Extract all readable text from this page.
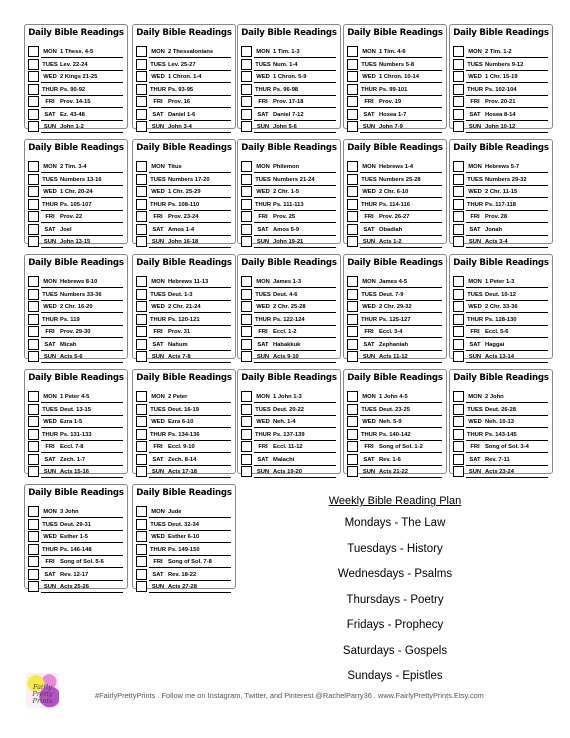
Daily Bible Readings
MON 1 Thess. 4-5
TUES Lev. 22-24
WED 2 Kings 21-25
THUR Ps. 90-92
FRI Prov. 14-15
SAT Ez. 43-48
SUN John 1-2
Daily Bible Readings
MON 2 Thessalonians
TUES Lev. 25-27
WED 1 Chron. 1-4
THUR Ps. 93-95
FRI Prov. 16
SAT Daniel 1-6
SUN John 3-4
Daily Bible Readings
MON 1 Tim. 1-3
TUES Num. 1-4
WED 1 Chron. 5-9
THUR Ps. 96-98
FRI Prov. 17-18
SAT Daniel 7-12
SUN John 5-6
Daily Bible Readings
MON 1 Tim. 4-6
TUES Numbers 5-8
WED 1 Chron. 10-14
THUR Ps. 99-101
FRI Prov. 19
SAT Hosea 1-7
SUN John 7-9
Daily Bible Readings
MON 2 Tim. 1-2
TUES Numbers 9-12
WED 1 Chr. 15-19
THUR Ps. 102-104
FRI Prov. 20-21
SAT Hosea 8-14
SUN John 10-12
Daily Bible Readings
MON 2 Tim. 3-4
TUES Numbers 13-16
WED 1 Chr. 20-24
THUR Ps. 105-107
FRI Prov. 22
SAT Joel
SUN John 13-15
Daily Bible Readings
MON Titus
TUES Numbers 17-20
WED 1 Chr. 25-29
THUR Ps. 108-110
FRI Prov. 23-24
SAT Amos 1-4
SUN John 16-18
Daily Bible Readings
MON Philemon
TUES Numbers 21-24
WED 2 Chr. 1-5
THUR Ps. 111-113
FRI Prov. 25
SAT Amos 5-9
SUN John 19-21
Daily Bible Readings
MON Hebrews 1-4
TUES Numbers 25-28
WED 2 Chr. 6-10
THUR Ps. 114-116
FRI Prov. 26-27
SAT Obadiah
SUN Acts 1-2
Daily Bible Readings
MON Hebrews 5-7
TUES Numbers 29-32
WED 2 Chr. 11-15
THUR Ps. 117-118
FRI Prov. 28
SAT Jonah
SUN Acts 3-4
Daily Bible Readings
MON Hebrews 8-10
TUES Numbers 33-36
WED 2 Chr. 16-20
THUR Ps. 119
FRI Prov. 29-30
SAT Micah
SUN Acts 5-6
Daily Bible Readings
MON Hebrews 11-13
TUES Deut. 1-3
WED 2 Chr. 21-24
THUR Ps. 120-121
FRI Prov. 31
SAT Nahum
SUN Acts 7-8
Daily Bible Readings
MON James 1-3
TUES Deut. 4-6
WED 2 Chr. 25-28
THUR Ps. 122-124
FRI Eccl. 1-2
SAT Habakkuk
SUN Acts 9-10
Daily Bible Readings
MON James 4-5
TUES Deut. 7-9
WED 2 Chr. 29-32
THUR Ps. 125-127
FRI Eccl. 3-4
SAT Zephaniah
SUN Acts 11-12
Daily Bible Readings
MON 1 Peter 1-3
TUES Deut. 10-12
WED 2 Chr. 33-36
THUR Ps. 128-130
FRI Eccl. 5-6
SAT Haggai
SUN Acts 13-14
Daily Bible Readings
MON 1 Peter 4-5
TUES Deut. 13-15
WED Ezra 1-5
THUR Ps. 131-133
FRI Eccl. 7-8
SAT Zech. 1-7
SUN Acts 15-16
Daily Bible Readings
MON 2 Peter
TUES Deut. 16-19
WED Ezra 6-10
THUR Ps. 134-136
FRI Eccl. 9-10
SAT Zech. 8-14
SUN Acts 17-18
Daily Bible Readings
MON 1 John 1-3
TUES Deut. 20-22
WED Neh. 1-4
THUR Ps. 137-139
FRI Eccl. 11-12
SAT Malachi
SUN Acts 19-20
Daily Bible Readings
MON 1 John 4-5
TUES Deut. 23-25
WED Neh. 5-9
THUR Ps. 140-142
FRI Song of Sol. 1-2
SAT Rev. 1-6
SUN Acts 21-22
Daily Bible Readings
MON 2 John
TUES Deut. 26-28
WED Neh. 10-13
THUR Ps. 143-145
FRI Song of Sol. 3-4
SAT Rev. 7-11
SUN Acts 23-24
Daily Bible Readings
MON 3 John
TUES Deut. 29-31
WED Esther 1-5
THUR Ps. 146-148
FRI Song of Sol. 5-6
SAT Rev. 12-17
SUN Acts 25-26
Daily Bible Readings
MON Jude
TUES Deut. 32-34
WED Esther 6-10
THUR Ps. 149-150
FRI Song of Sol. 7-8
SAT Rev. 18-22
SUN Acts 27-28
Weekly Bible Reading Plan
Mondays - The Law
Tuesdays - History
Wednesdays - Psalms
Thursdays - Poetry
Fridays - Prophecy
Saturdays - Gospels
Sundays - Epistles
Fairly Pretty Prints
#FairlyPrettyPrints . Follow me on Instagram, Twitter, and Pinterest @RachelParry36 . www.FairlyPrettyPrints.Etsy.com
